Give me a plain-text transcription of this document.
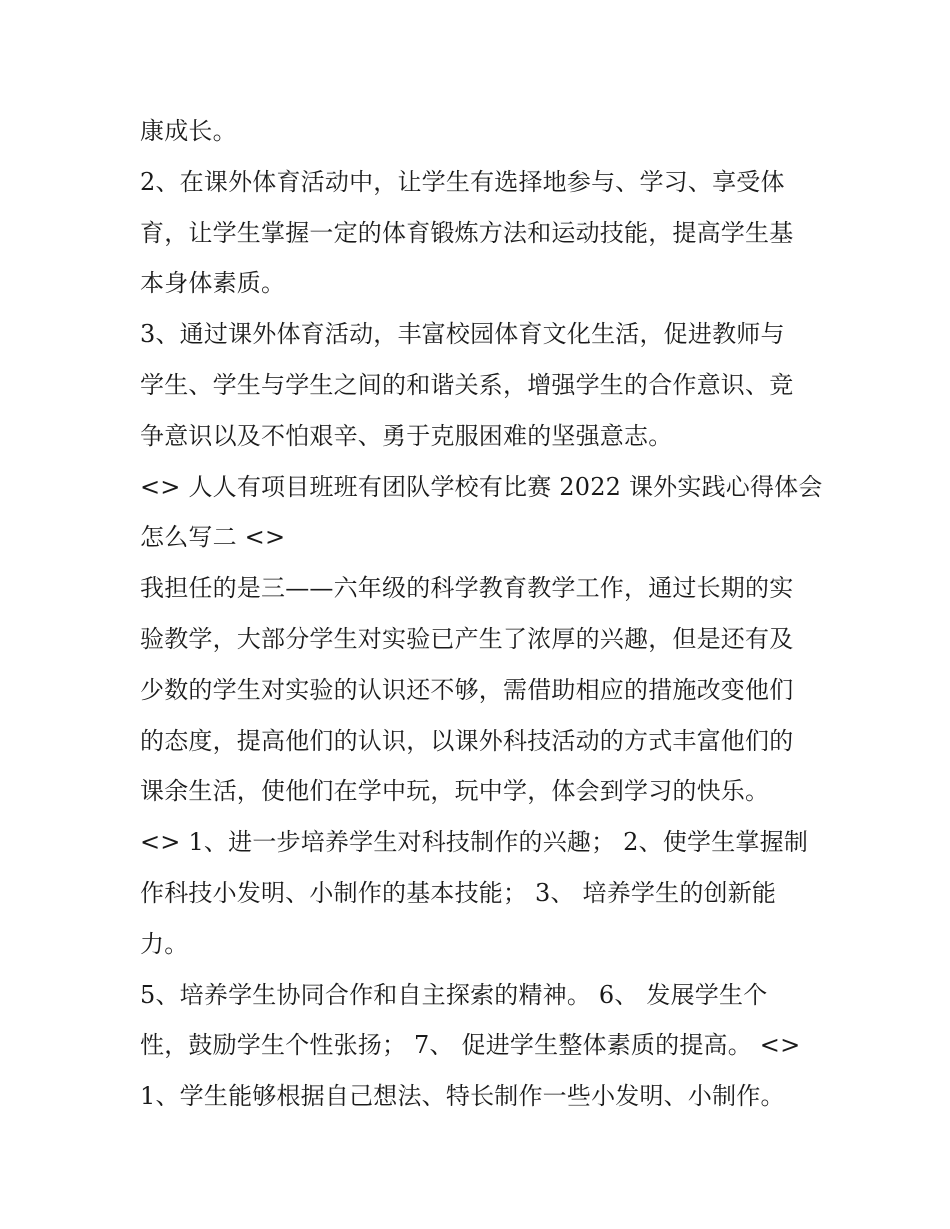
康成长。
2、在课外体育活动中，让学生有选择地参与、学习、享受体
育，让学生掌握一定的体育锻炼方法和运动技能，提高学生基
本身体素质。
3、通过课外体育活动，丰富校园体育文化生活，促进教师与
学生、学生与学生之间的和谐关系，增强学生的合作意识、竞
争意识以及不怕艰辛、勇于克服困难的坚强意志。
<> 人人有项目班班有团队学校有比赛 2022 课外实践心得体会
怎么写二 <>
我担任的是三——六年级的科学教育教学工作，通过长期的实
验教学，大部分学生对实验已产生了浓厚的兴趣，但是还有及
少数的学生对实验的认识还不够，需借助相应的措施改变他们
的态度，提高他们的认识，以课外科技活动的方式丰富他们的
课余生活，使他们在学中玩，玩中学，体会到学习的快乐。
<> 1、进一步培养学生对科技制作的兴趣； 2、使学生掌握制
作科技小发明、小制作的基本技能； 3、 培养学生的创新能
力。
5、培养学生协同合作和自主探索的精神。 6、 发展学生个
性，鼓励学生个性张扬； 7、 促进学生整体素质的提高。 <>
1、学生能够根据自己想法、特长制作一些小发明、小制作。
